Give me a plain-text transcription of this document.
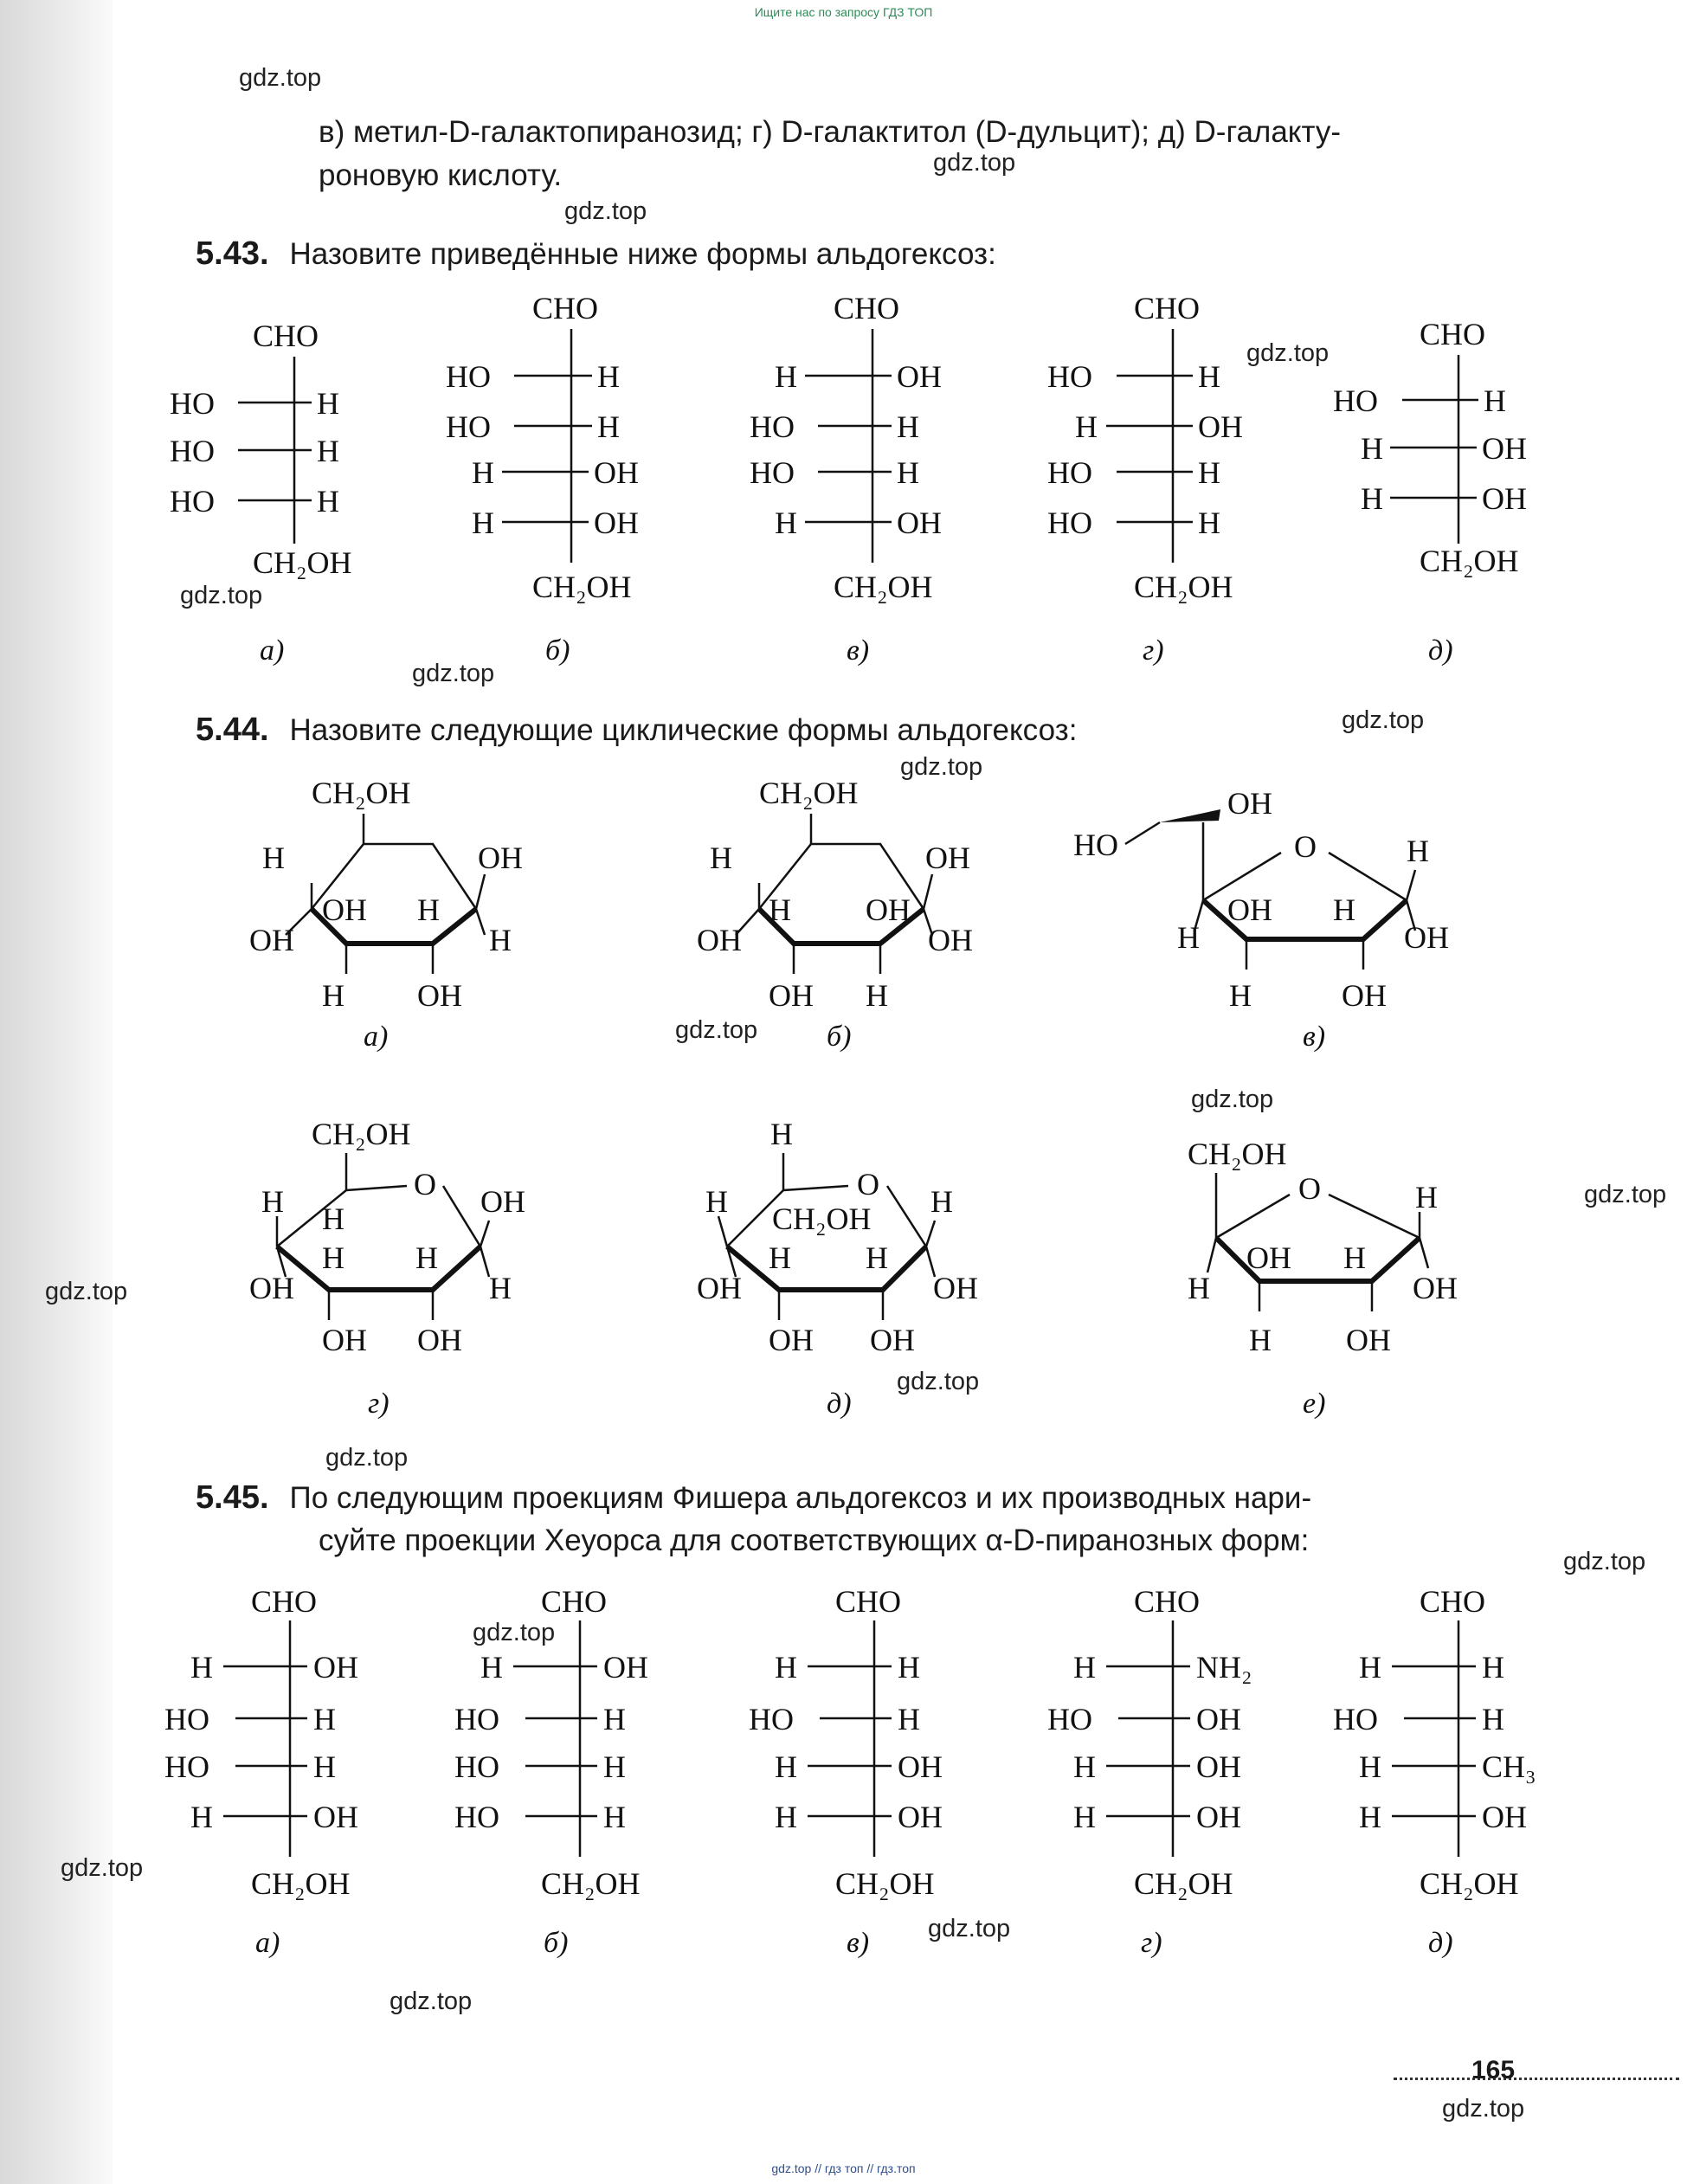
Ищите нас по запросу ГДЗ ТОП
gdz.top
в) метил-D-галактопиранозид; г) D-галактитол (D-дульцит); д) D-галакту-
роновую кислоту.	gdz.top
gdz.top
5.43. Назовите приведённые ниже формы альдогексоз:
CHO
HO	H
HO	H
HO	H
CH₂OH
а)
CHO
HO	H
HO	H
H	OH
H	OH
CH₂OH
б)
CHO
H	OH
HO	H
HO	H
H	OH
CH₂OH
в)
CHO
HO	H
H	OH
HO	H
HO	H
CH₂OH
г)
CHO
HO	H
H	OH
H	OH
CH₂OH
д)
CH₂OH
H
OH
OH
H
OH H
H OH
а)
CH₂OH
H
OH
OH
OH
H OH
OH H
б)
HO
OH
O	H
OH
H
OH H
H	OH
в)
CH₂OH
O
H
OH
OH
H
H
H H
OH OH
г)
H
O
H
OH
H
OH
CH₂OH
H H
OH OH
д)
CH₂OH
O	H
OH
H
OH H
H OH
е)
CHO
H	OH
HO	H
HO	H
H	OH
CH₂OH
а)
CHO
H	OH
HO	H
HO	H
HO	H
CH₂OH
б)
CHO
H	H
HO	H
H	OH
H	OH
CH₂OH
в)
CHO
H	NH₂
HO	OH
H	OH
H	OH
CH₂OH
г)
CHO
H	H
HO	H
H	CH₃
H	OH
CH₂OH
д)
5.44. Назовите следующие циклические формы альдогексоз:
5.45. По следующим проекциям Фишера альдогексоз и их производных нари-
суйте проекции Хеуорса для соответствующих α-D-пиранозных форм:
gdz.top
gdz.top
gdz.top
gdz.top
gdz.top
gdz.top
gdz.top
gdz.top
gdz.top
gdz.top
gdz.top
gdz.top
gdz.top
gdz.top
gdz.top
gdz.top
gdz.top
165
gdz.top // гдз топ // гдз.топ
